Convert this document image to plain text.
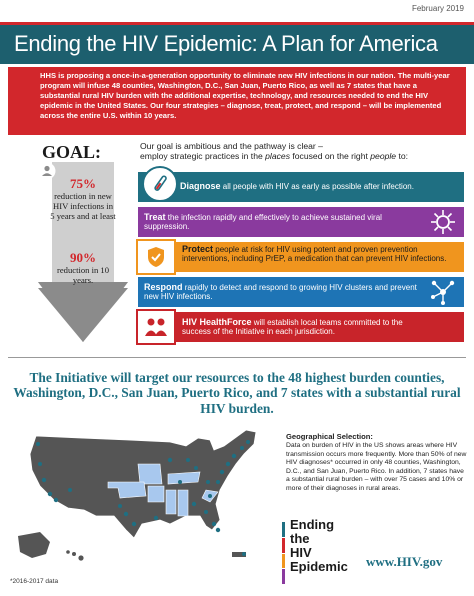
February 2019
Ending the HIV Epidemic: A Plan for America
HHS is proposing a once-in-a-generation opportunity to eliminate new HIV infections in our nation. The multi-year program will infuse 48 counties, Washington, D.C., San Juan, Puerto Rico, as well as 7 states that have a substantial rural HIV burden with the additional expertise, technology, and resources needed to end the HIV epidemic in the United States. Our four strategies – diagnose, treat, protect, and respond – will be implemented across the entire U.S. within 10 years.
GOAL:	Our goal is ambitious and the pathway is clear –
employ strategic practices in the places focused on the right people to:
75%
reduction in new HIV infections in 5 years and at least
90%
reduction in 10 years.
Diagnose all people with HIV as early as possible after infection.
Treat the infection rapidly and effectively to achieve sustained viral suppression.
Protect people at risk for HIV using potent and proven prevention interventions, including PrEP, a medication that can prevent HIV infections.
Respond rapidly to detect and respond to growing HIV clusters and prevent new HIV infections.
HIV HealthForce will establish local teams committed to the success of the Initiative in each jurisdiction.
The Initiative will target our resources to the 48 highest burden counties, Washington, D.C., San Juan, Puerto Rico, and 7 states with a substantial rural HIV burden.
Geographical Selection:
Data on burden of HIV in the US shows areas where HIV transmission occurs more frequently. More than 50% of new HIV diagnoses* occurred in only 48 counties, Washington, D.C., and San Juan, Puerto Rico. In addition, 7 states have a substantial rural burden – with over 75 cases and 10% or more of their diagnoses in rural areas.
Ending
the
HIV
Epidemic www.HIV.gov
*2016-2017 data
